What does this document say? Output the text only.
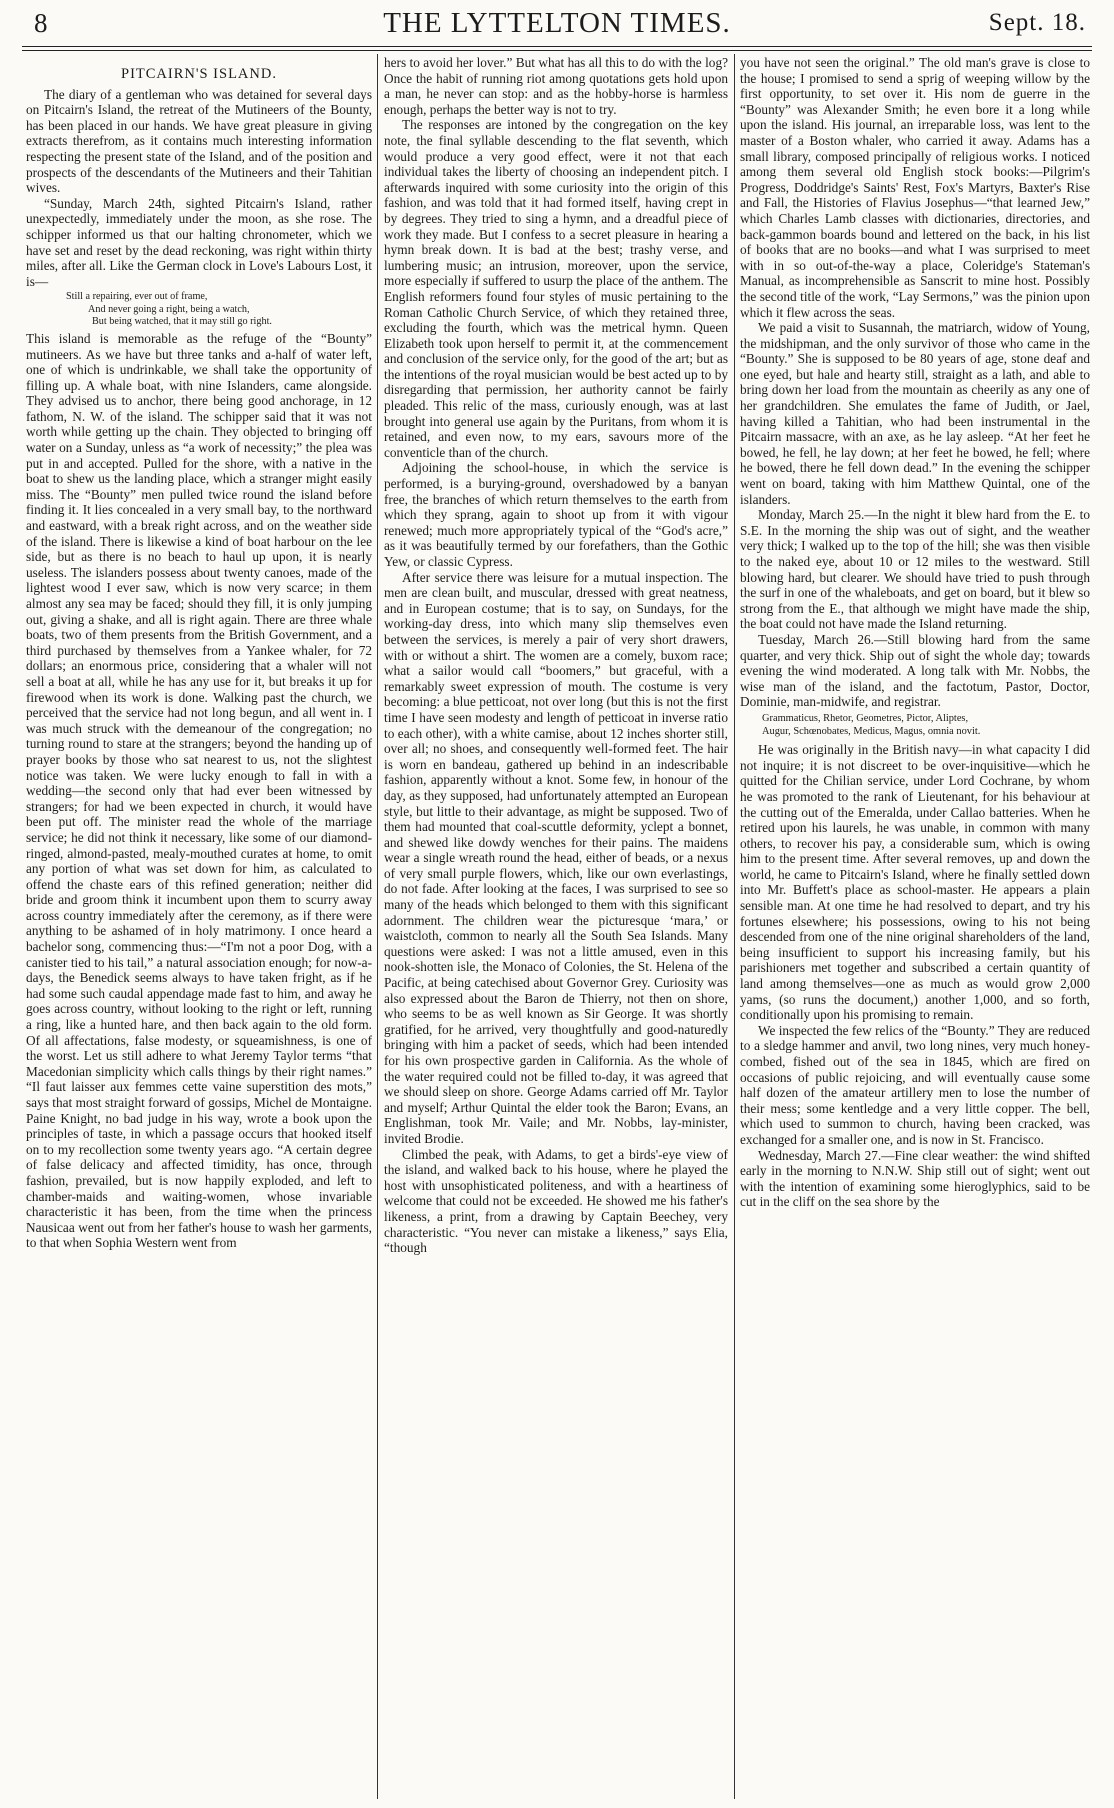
8	THE LYTTELTON TIMES.	Sept. 18.
PITCAIRN'S ISLAND.

The diary of a gentleman who was detained for several days on Pitcairn's Island, the retreat of the Mutineers of the Bounty, has been placed in our hands. We have great pleasure in giving extracts therefrom, as it contains much interesting information respecting the present state of the Island, and of the position and prospects of the descendants of the Mutineers and their Tahitian wives.

“Sunday, March 24th, sighted Pitcairn's Island, rather unexpectedly, immediately under the moon, as she rose. The schipper informed us that our halting chronometer, which we have set and reset by the dead reckoning, was right within thirty miles, after all. Like the German clock in Love's Labours Lost, it is—

Still a repairing, ever out of frame,
And never going a right, being a watch,
But being watched, that it may still go right.

This island is memorable as the refuge of the “Bounty” mutineers. As we have but three tanks and a-half of water left, one of which is undrinkable, we shall take the opportunity of filling up. A whale boat, with nine Islanders, came alongside. They advised us to anchor, there being good anchorage, in 12 fathom, N. W. of the island. The schipper said that it was not worth while getting up the chain. They objected to bringing off water on a Sunday, unless as “a work of necessity;” the plea was put in and accepted. Pulled for the shore, with a native in the boat to shew us the landing place, which a stranger might easily miss. The “Bounty” men pulled twice round the island before finding it. It lies concealed in a very small bay, to the northward and eastward, with a break right across, and on the weather side of the island. There is likewise a kind of boat harbour on the lee side, but as there is no beach to haul up upon, it is nearly useless. The islanders possess about twenty canoes, made of the lightest wood I ever saw, which is now very scarce; in them almost any sea may be faced; should they fill, it is only jumping out, giving a shake, and all is right again. There are three whale boats, two of them presents from the British Government, and a third purchased by themselves from a Yankee whaler, for 72 dollars; an enormous price, considering that a whaler will not sell a boat at all, while he has any use for it, but breaks it up for firewood when its work is done. Walking past the church, we perceived that the service had not long begun, and all went in. I was much struck with the demeanour of the congregation; no turning round to stare at the strangers; beyond the handing up of prayer books by those who sat nearest to us, not the slightest notice was taken. We were lucky enough to fall in with a wedding—the second only that had ever been witnessed by strangers; for had we been expected in church, it would have been put off. The minister read the whole of the marriage service; he did not think it necessary, like some of our diamond-ringed, almond-pasted, mealy-mouthed curates at home, to omit any portion of what was set down for him, as calculated to offend the chaste ears of this refined generation; neither did bride and groom think it incumbent upon them to scurry away across country immediately after the ceremony, as if there were anything to be ashamed of in holy matrimony. I once heard a bachelor song, commencing thus:—“I'm not a poor Dog, with a canister tied to his tail,” a natural association enough; for now-a-days, the Benedick seems always to have taken fright, as if he had some such caudal appendage made fast to him, and away he goes across country, without looking to the right or left, running a ring, like a hunted hare, and then back again to the old form. Of all affectations, false modesty, or squeamishness, is one of the worst. Let us still adhere to what Jeremy Taylor terms “that Macedonian simplicity which calls things by their right names.” “Il faut laisser aux femmes cette vaine superstition des mots,” says that most straight forward of gossips, Michel de Montaigne. Paine Knight, no bad judge in his way, wrote a book upon the principles of taste, in which a passage occurs that hooked itself on to my recollection some twenty years ago. “A certain degree of false delicacy and affected timidity, has once, through fashion, prevailed, but is now happily exploded, and left to chamber-maids and waiting-women, whose invariable characteristic it has been, from the time when the princess Nausicaa went out from her father's house to wash her garments, to that when Sophia Western went from

hers to avoid her lover.” But what has all this to do with the log? Once the habit of running riot among quotations gets hold upon a man, he never can stop: and as the hobby-horse is harmless enough, perhaps the better way is not to try.

The responses are intoned by the congregation on the key note, the final syllable descending to the flat seventh, which would produce a very good effect, were it not that each individual takes the liberty of choosing an independent pitch. I afterwards inquired with some curiosity into the origin of this fashion, and was told that it had formed itself, having crept in by degrees. They tried to sing a hymn, and a dreadful piece of work they made. But I confess to a secret pleasure in hearing a hymn break down. It is bad at the best; trashy verse, and lumbering music; an intrusion, moreover, upon the service, more especially if suffered to usurp the place of the anthem. The English reformers found four styles of music pertaining to the Roman Catholic Church Service, of which they retained three, excluding the fourth, which was the metrical hymn. Queen Elizabeth took upon herself to permit it, at the commencement and conclusion of the service only, for the good of the art; but as the intentions of the royal musician would be best acted up to by disregarding that permission, her authority cannot be fairly pleaded. This relic of the mass, curiously enough, was at last brought into general use again by the Puritans, from whom it is retained, and even now, to my ears, savours more of the conventicle than of the church.

Adjoining the school-house, in which the service is performed, is a burying-ground, overshadowed by a banyan free, the branches of which return themselves to the earth from which they sprang, again to shoot up from it with vigour renewed; much more appropriately typical of the “God's acre,” as it was beautifully termed by our forefathers, than the Gothic Yew, or classic Cypress.

After service there was leisure for a mutual inspection. The men are clean built, and muscular, dressed with great neatness, and in European costume; that is to say, on Sundays, for the working-day dress, into which many slip themselves even between the services, is merely a pair of very short drawers, with or without a shirt. The women are a comely, buxom race; what a sailor would call “boomers,” but graceful, with a remarkably sweet expression of mouth. The costume is very becoming: a blue petticoat, not over long (but this is not the first time I have seen modesty and length of petticoat in inverse ratio to each other), with a white camise, about 12 inches shorter still, over all; no shoes, and consequently well-formed feet. The hair is worn en bandeau, gathered up behind in an indescribable fashion, apparently without a knot. Some few, in honour of the day, as they supposed, had unfortunately attempted an European style, but little to their advantage, as might be supposed. Two of them had mounted that coal-scuttle deformity, yclept a bonnet, and shewed like dowdy wenches for their pains. The maidens wear a single wreath round the head, either of beads, or a nexus of very small purple flowers, which, like our own everlastings, do not fade. After looking at the faces, I was surprised to see so many of the heads which belonged to them with this significant adornment. The children wear the picturesque ‘mara,’ or waistcloth, common to nearly all the South Sea Islands. Many questions were asked: I was not a little amused, even in this nook-shotten isle, the Monaco of Colonies, the St. Helena of the Pacific, at being catechised about Governor Grey. Curiosity was also expressed about the Baron de Thierry, not then on shore, who seems to be as well known as Sir George. It was shortly gratified, for he arrived, very thoughtfully and good-naturedly bringing with him a packet of seeds, which had been intended for his own prospective garden in California. As the whole of the water required could not be filled to-day, it was agreed that we should sleep on shore. George Adams carried off Mr. Taylor and myself; Arthur Quintal the elder took the Baron; Evans, an Englishman, took Mr. Vaile; and Mr. Nobbs, lay-minister, invited Brodie.

Climbed the peak, with Adams, to get a birds'-eye view of the island, and walked back to his house, where he played the host with unsophisticated politeness, and with a heartiness of welcome that could not be exceeded. He showed me his father's likeness, a print, from a drawing by Captain Beechey, very characteristic. “You never can mistake a likeness,” says Elia, “though

you have not seen the original.” The old man's grave is close to the house; I promised to send a sprig of weeping willow by the first opportunity, to set over it. His nom de guerre in the “Bounty” was Alexander Smith; he even bore it a long while upon the island. His journal, an irreparable loss, was lent to the master of a Boston whaler, who carried it away. Adams has a small library, composed principally of religious works. I noticed among them several old English stock books:—Pilgrim's Progress, Doddridge's Saints' Rest, Fox's Martyrs, Baxter's Rise and Fall, the Histories of Flavius Josephus—“that learned Jew,” which Charles Lamb classes with dictionaries, directories, and back-gammon boards bound and lettered on the back, in his list of books that are no books—and what I was surprised to meet with in so out-of-the-way a place, Coleridge's Stateman's Manual, as incomprehensible as Sanscrit to mine host. Possibly the second title of the work, “Lay Sermons,” was the pinion upon which it flew across the seas.

We paid a visit to Susannah, the matriarch, widow of Young, the midshipman, and the only survivor of those who came in the “Bounty.” She is supposed to be 80 years of age, stone deaf and one eyed, but hale and hearty still, straight as a lath, and able to bring down her load from the mountain as cheerily as any one of her grandchildren. She emulates the fame of Judith, or Jael, having killed a Tahitian, who had been instrumental in the Pitcairn massacre, with an axe, as he lay asleep. “At her feet he bowed, he fell, he lay down; at her feet he bowed, he fell; where he bowed, there he fell down dead.” In the evening the schipper went on board, taking with him Matthew Quintal, one of the islanders.

Monday, March 25.—In the night it blew hard from the E. to S.E. In the morning the ship was out of sight, and the weather very thick; I walked up to the top of the hill; she was then visible to the naked eye, about 10 or 12 miles to the westward. Still blowing hard, but clearer. We should have tried to push through the surf in one of the whaleboats, and get on board, but it blew so strong from the E., that although we might have made the ship, the boat could not have made the Island returning.

Tuesday, March 26.—Still blowing hard from the same quarter, and very thick. Ship out of sight the whole day; towards evening the wind moderated. A long talk with Mr. Nobbs, the wise man of the island, and the factotum, Pastor, Doctor, Dominie, man-midwife, and registrar.

Grammaticus, Rhetor, Geometres, Pictor, Aliptes,
Augur, Schœnobates, Medicus, Magus, omnia novit.

He was originally in the British navy—in what capacity I did not inquire; it is not discreet to be over-inquisitive—which he quitted for the Chilian service, under Lord Cochrane, by whom he was promoted to the rank of Lieutenant, for his behaviour at the cutting out of the Emeralda, under Callao batteries. When he retired upon his laurels, he was unable, in common with many others, to recover his pay, a considerable sum, which is owing him to the present time. After several removes, up and down the world, he came to Pitcairn's Island, where he finally settled down into Mr. Buffett's place as school-master. He appears a plain sensible man. At one time he had resolved to depart, and try his fortunes elsewhere; his possessions, owing to his not being descended from one of the nine original shareholders of the land, being insufficient to support his increasing family, but his parishioners met together and subscribed a certain quantity of land among themselves—one as much as would grow 2,000 yams, (so runs the document,) another 1,000, and so forth, conditionally upon his promising to remain.

We inspected the few relics of the “Bounty.” They are reduced to a sledge hammer and anvil, two long nines, very much honey-combed, fished out of the sea in 1845, which are fired on occasions of public rejoicing, and will eventually cause some half dozen of the amateur artillery men to lose the number of their mess; some kentledge and a very little copper. The bell, which used to summon to church, having been cracked, was exchanged for a smaller one, and is now in St. Francisco.

Wednesday, March 27.—Fine clear weather: the wind shifted early in the morning to N.N.W. Ship still out of sight; went out with the intention of examining some hieroglyphics, said to be cut in the cliff on the sea shore by the
